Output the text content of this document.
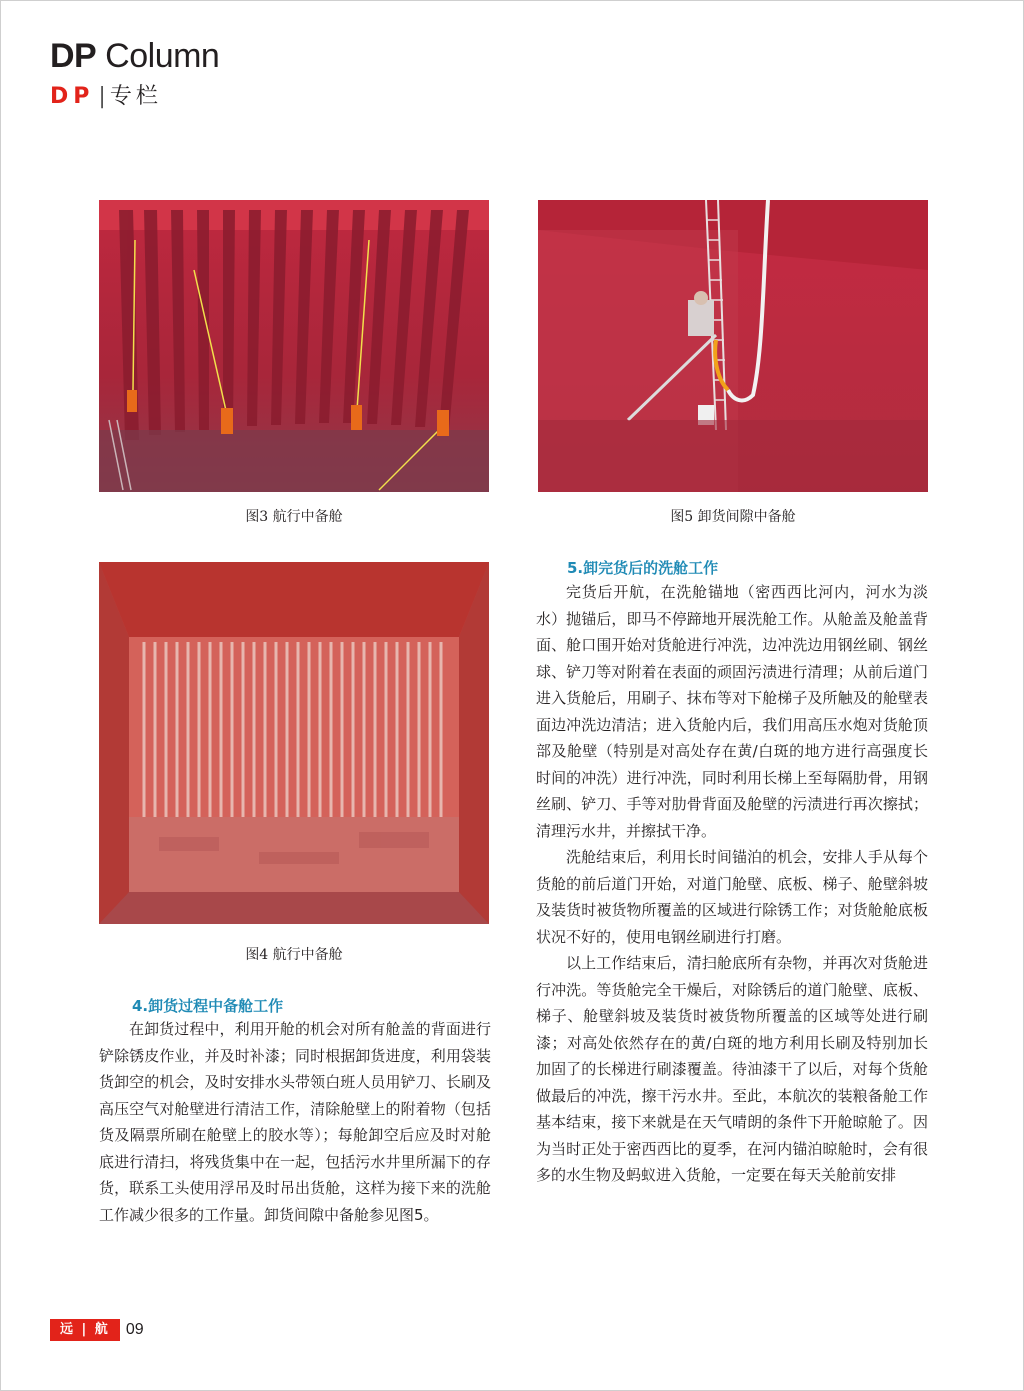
DP Column
DP | 专栏
图3 航行中备舱	图5 卸货间隙中备舱
图4 航行中备舱
4.卸货过程中备舱工作

在卸货过程中，利用开舱的机会对所有舱盖的背面进行铲除锈皮作业，并及时补漆；同时根据卸货进度，利用袋装货卸空的机会，及时安排水头带领白班人员用铲刀、长刷及高压空气对舱壁进行清洁工作，清除舱壁上的附着物（包括货及隔票所刷在舱壁上的胶水等）；每舱卸空后应及时对舱底进行清扫，将残货集中在一起，包括污水井里所漏下的存货，联系工头使用浮吊及时吊出货舱，这样为接下来的洗舱工作减少很多的工作量。卸货间隙中备舱参见图5。

5.卸完货后的洗舱工作

完货后开航，在洗舱锚地（密西西比河内，河水为淡水）抛锚后，即马不停蹄地开展洗舱工作。从舱盖及舱盖背面、舱口围开始对货舱进行冲洗，边冲洗边用钢丝刷、钢丝球、铲刀等对附着在表面的顽固污渍进行清理；从前后道门进入货舱后，用刷子、抹布等对下舱梯子及所触及的舱壁表面边冲洗边清洁；进入货舱内后，我们用高压水炮对货舱顶部及舱壁（特别是对高处存在黄/白斑的地方进行高强度长时间的冲洗）进行冲洗，同时利用长梯上至每隔肋骨，用钢丝刷、铲刀、手等对肋骨背面及舱壁的污渍进行再次擦拭；清理污水井，并擦拭干净。

洗舱结束后，利用长时间锚泊的机会，安排人手从每个货舱的前后道门开始，对道门舱壁、底板、梯子、舱壁斜坡及装货时被货物所覆盖的区域进行除锈工作；对货舱舱底板状况不好的，使用电钢丝刷进行打磨。

以上工作结束后，清扫舱底所有杂物，并再次对货舱进行冲洗。等货舱完全干燥后，对除锈后的道门舱壁、底板、梯子、舱壁斜坡及装货时被货物所覆盖的区域等处进行刷漆；对高处依然存在的黄/白斑的地方利用长刷及特别加长加固了的长梯进行刷漆覆盖。待油漆干了以后，对每个货舱做最后的冲洗，擦干污水井。至此，本航次的装粮备舱工作基本结束，接下来就是在天气晴朗的条件下开舱晾舱了。因为当时正处于密西西比的夏季，在河内锚泊晾舱时，会有很多的水生物及蚂蚁进入货舱，一定要在每天关舱前安排

远 | 航	09
